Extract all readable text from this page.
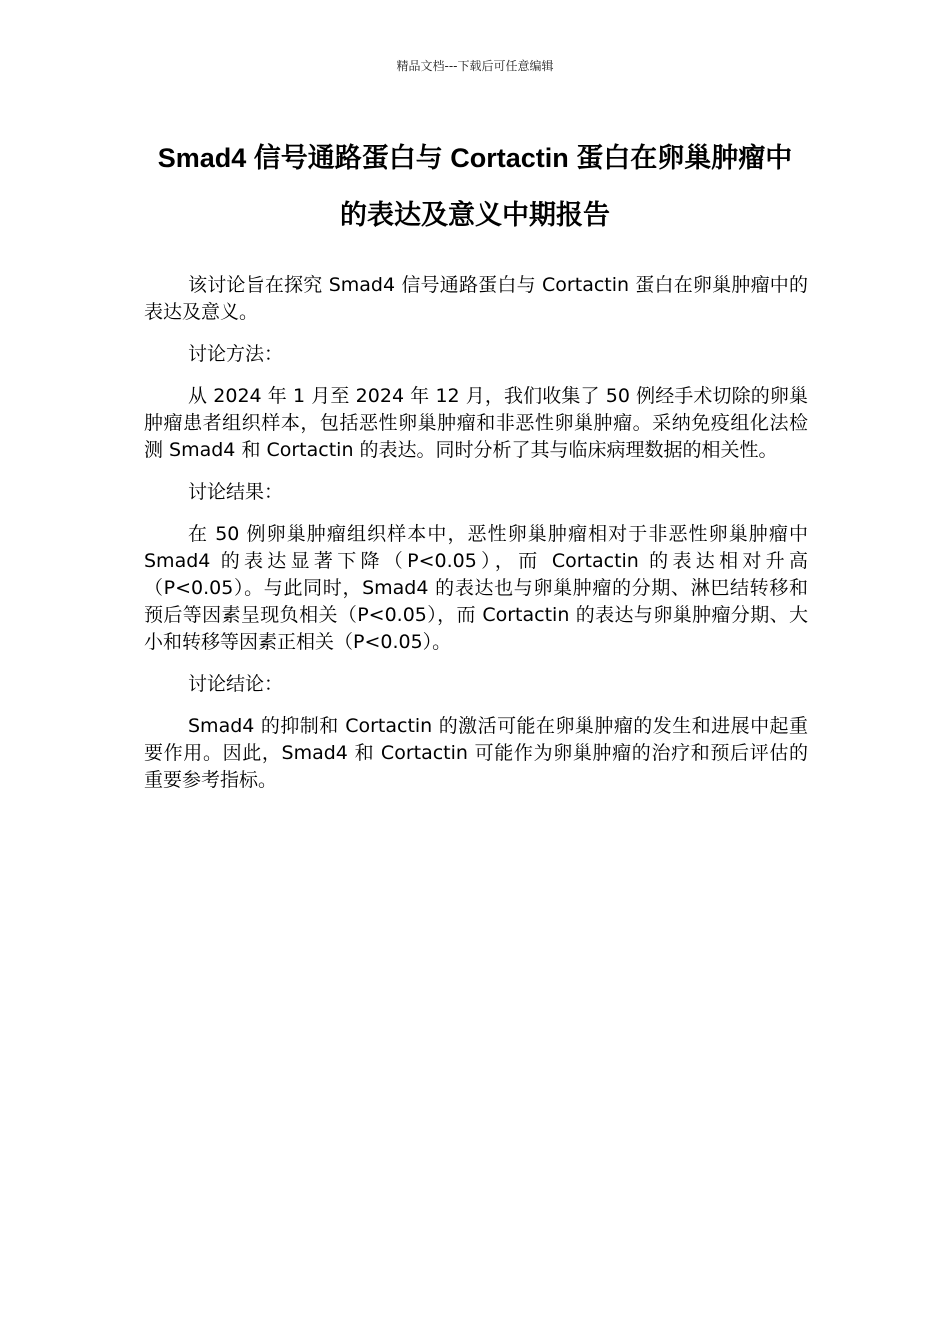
精品文档---下载后可任意编辑
Smad4 信号通路蛋白与 Cortactin 蛋白在卵巢肿瘤中
的表达及意义中期报告

该讨论旨在探究 Smad4 信号通路蛋白与 Cortactin 蛋白在卵巢肿瘤中的表达及意义。

讨论方法：

从 2024 年 1 月至 2024 年 12 月，我们收集了 50 例经手术切除的卵巢肿瘤患者组织样本，包括恶性卵巢肿瘤和非恶性卵巢肿瘤。采纳免疫组化法检测 Smad4 和 Cortactin 的表达。同时分析了其与临床病理数据的相关性。

讨论结果：

在 50 例卵巢肿瘤组织样本中，恶性卵巢肿瘤相对于非恶性卵巢肿瘤中 Smad4 的表达显著下降（P<0.05），而 Cortactin 的表达相对升高（P<0.05）。与此同时，Smad4 的表达也与卵巢肿瘤的分期、淋巴结转移和预后等因素呈现负相关（P<0.05），而 Cortactin 的表达与卵巢肿瘤分期、大小和转移等因素正相关（P<0.05）。

讨论结论：

Smad4 的抑制和 Cortactin 的激活可能在卵巢肿瘤的发生和进展中起重要作用。因此，Smad4 和 Cortactin 可能作为卵巢肿瘤的治疗和预后评估的重要参考指标。
